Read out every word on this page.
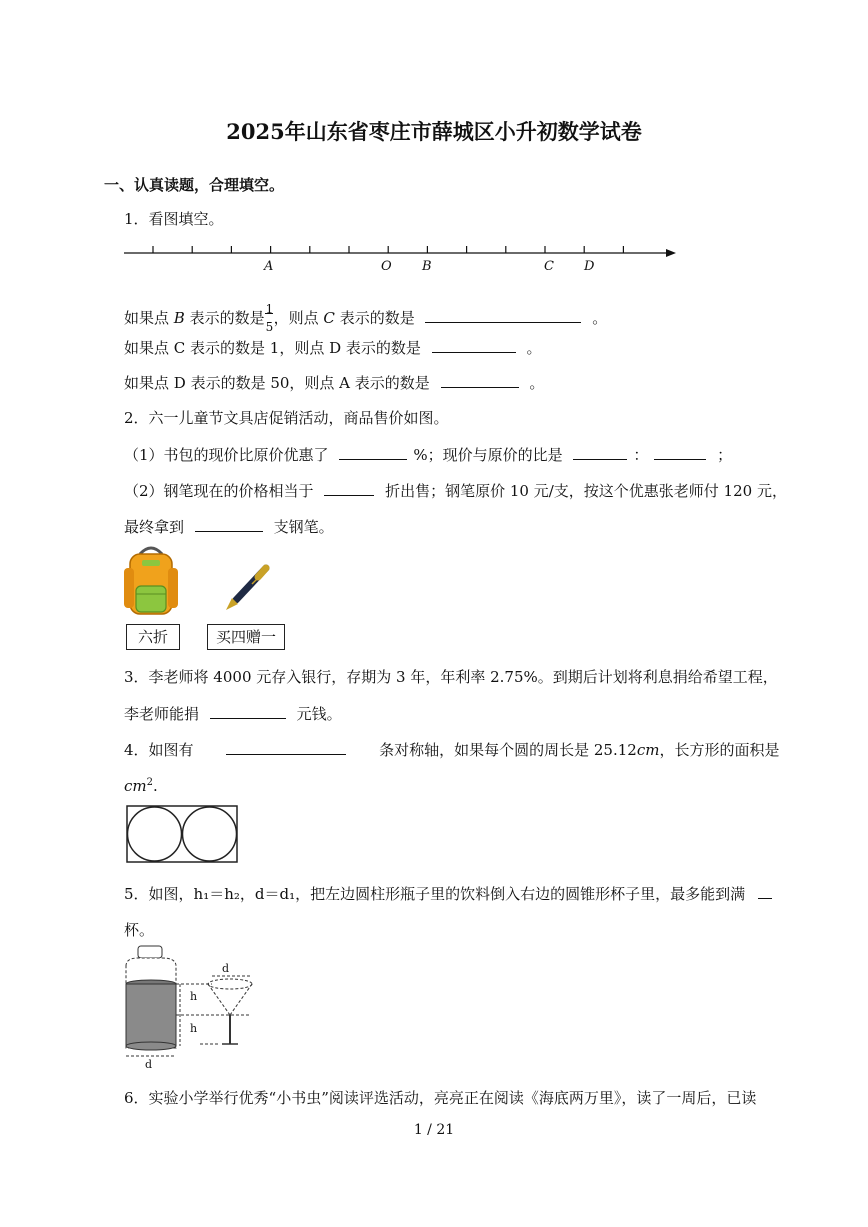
2025年山东省枣庄市薛城区小升初数学试卷
一、认真读题，合理填空。
1．看图填空。
A	O B	C D
如果点 B 表示的数是
$\frac{1}{5}$
，则点 C 表示的数是	。
如果点 C 表示的数是 1，则点 D 表示的数是	。
如果点 D 表示的数是 50，则点 A 表示的数是	。
2．六一儿童节文具店促销活动，商品售价如图。
（1）书包的现价比原价优惠了	%；现价与原价的比是	：	；
（2）钢笔现在的价格相当于	折出售；钢笔原价 10 元/支，按这个优惠张老师付 120 元，
最终拿到	支钢笔。
六折	买四赠一
3．李老师将 4000 元存入银行，存期为 3 年，年利率 2.75%。到期后计划将利息捐给希望工程，
李老师能捐	元钱。
4．如图有	条对称轴，如果每个圆的周长是 25.12cm，长方形的面积是
$cm^2$.
5．如图，h₁＝h₂，d＝d₁，把左边圆柱形瓶子里的饮料倒入右边的圆锥形杯子里，最多能到满
杯。
h
h
d
d
6．实验小学举行优秀“小书虫”阅读评选活动，亮亮正在阅读《海底两万里》，读了一周后，已读
1 / 21
